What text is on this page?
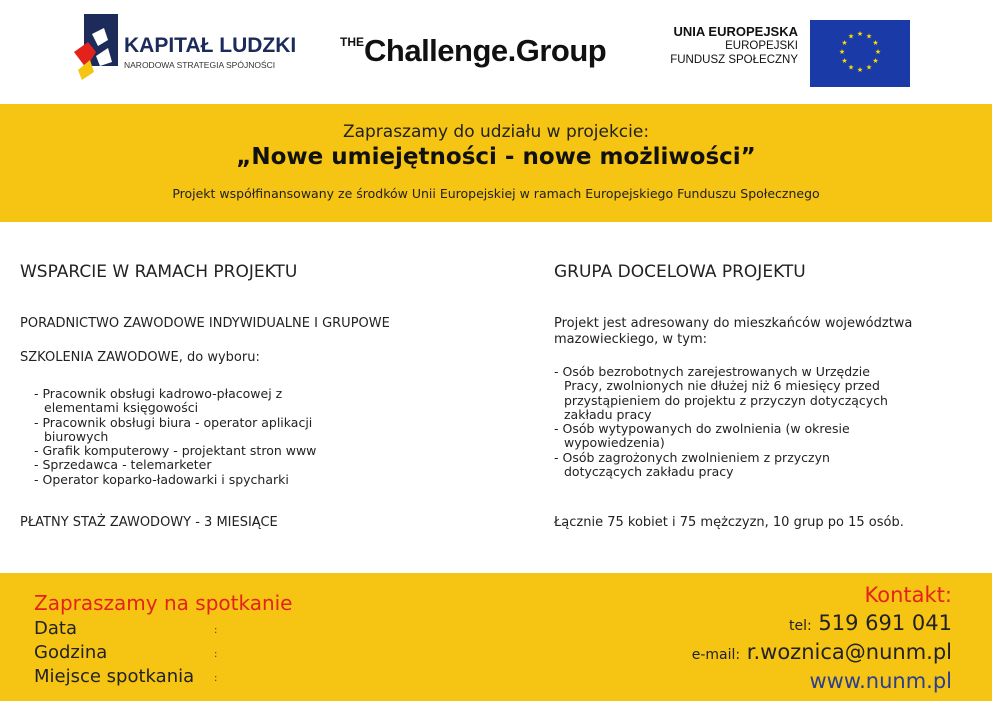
KAPITAŁ LUDZKI
NARODOWA STRATEGIA SPÓJNOŚCI
$^{THE}$Challenge.Group
UNIA EUROPEJSKA
EUROPEJSKI
FUNDUSZ SPOŁECZNY
★ ★
★
★
★
★
★
★
★
★
★
★
Zapraszamy do udziału w projekcie:
„Nowe umiejętności - nowe możliwości”
Projekt współfinansowany ze środków Unii Europejskiej w ramach Europejskiego Funduszu Społecznego
WSPARCIE W RAMACH PROJEKTU
PORADNICTWO ZAWODOWE INDYWIDUALNE I GRUPOWE
SZKOLENIA ZAWODOWE, do wyboru:
- Pracownik obsługi kadrowo-płacowej z
elementami księgowości
- Pracownik obsługi biura - operator aplikacji
biurowych
- Grafik komputerowy - projektant stron www
- Sprzedawca - telemarketer
- Operator koparko-ładowarki i spycharki
PŁATNY STAŻ ZAWODOWY - 3 MIESIĄCE
GRUPA DOCELOWA PROJEKTU
Projekt jest adresowany do mieszkańców województwa
mazowieckiego, w tym:
- Osób bezrobotnych zarejestrowanych w Urzędzie
Pracy, zwolnionych nie dłużej niż 6 miesięcy przed
przystąpieniem do projektu z przyczyn dotyczących
zakładu pracy
- Osób wytypowanych do zwolnienia (w okresie
wypowiedzenia)
- Osób zagrożonych zwolnieniem z przyczyn
dotyczących zakładu pracy
Łącznie 75 kobiet i 75 mężczyzn, 10 grup po 15 osób.
Zapraszamy na spotkanie
Data	:
Godzina	:
Miejsce spotkania :
Kontakt:
tel: 519 691 041
e-mail: r.woznica@nunm.pl
www.nunm.pl
